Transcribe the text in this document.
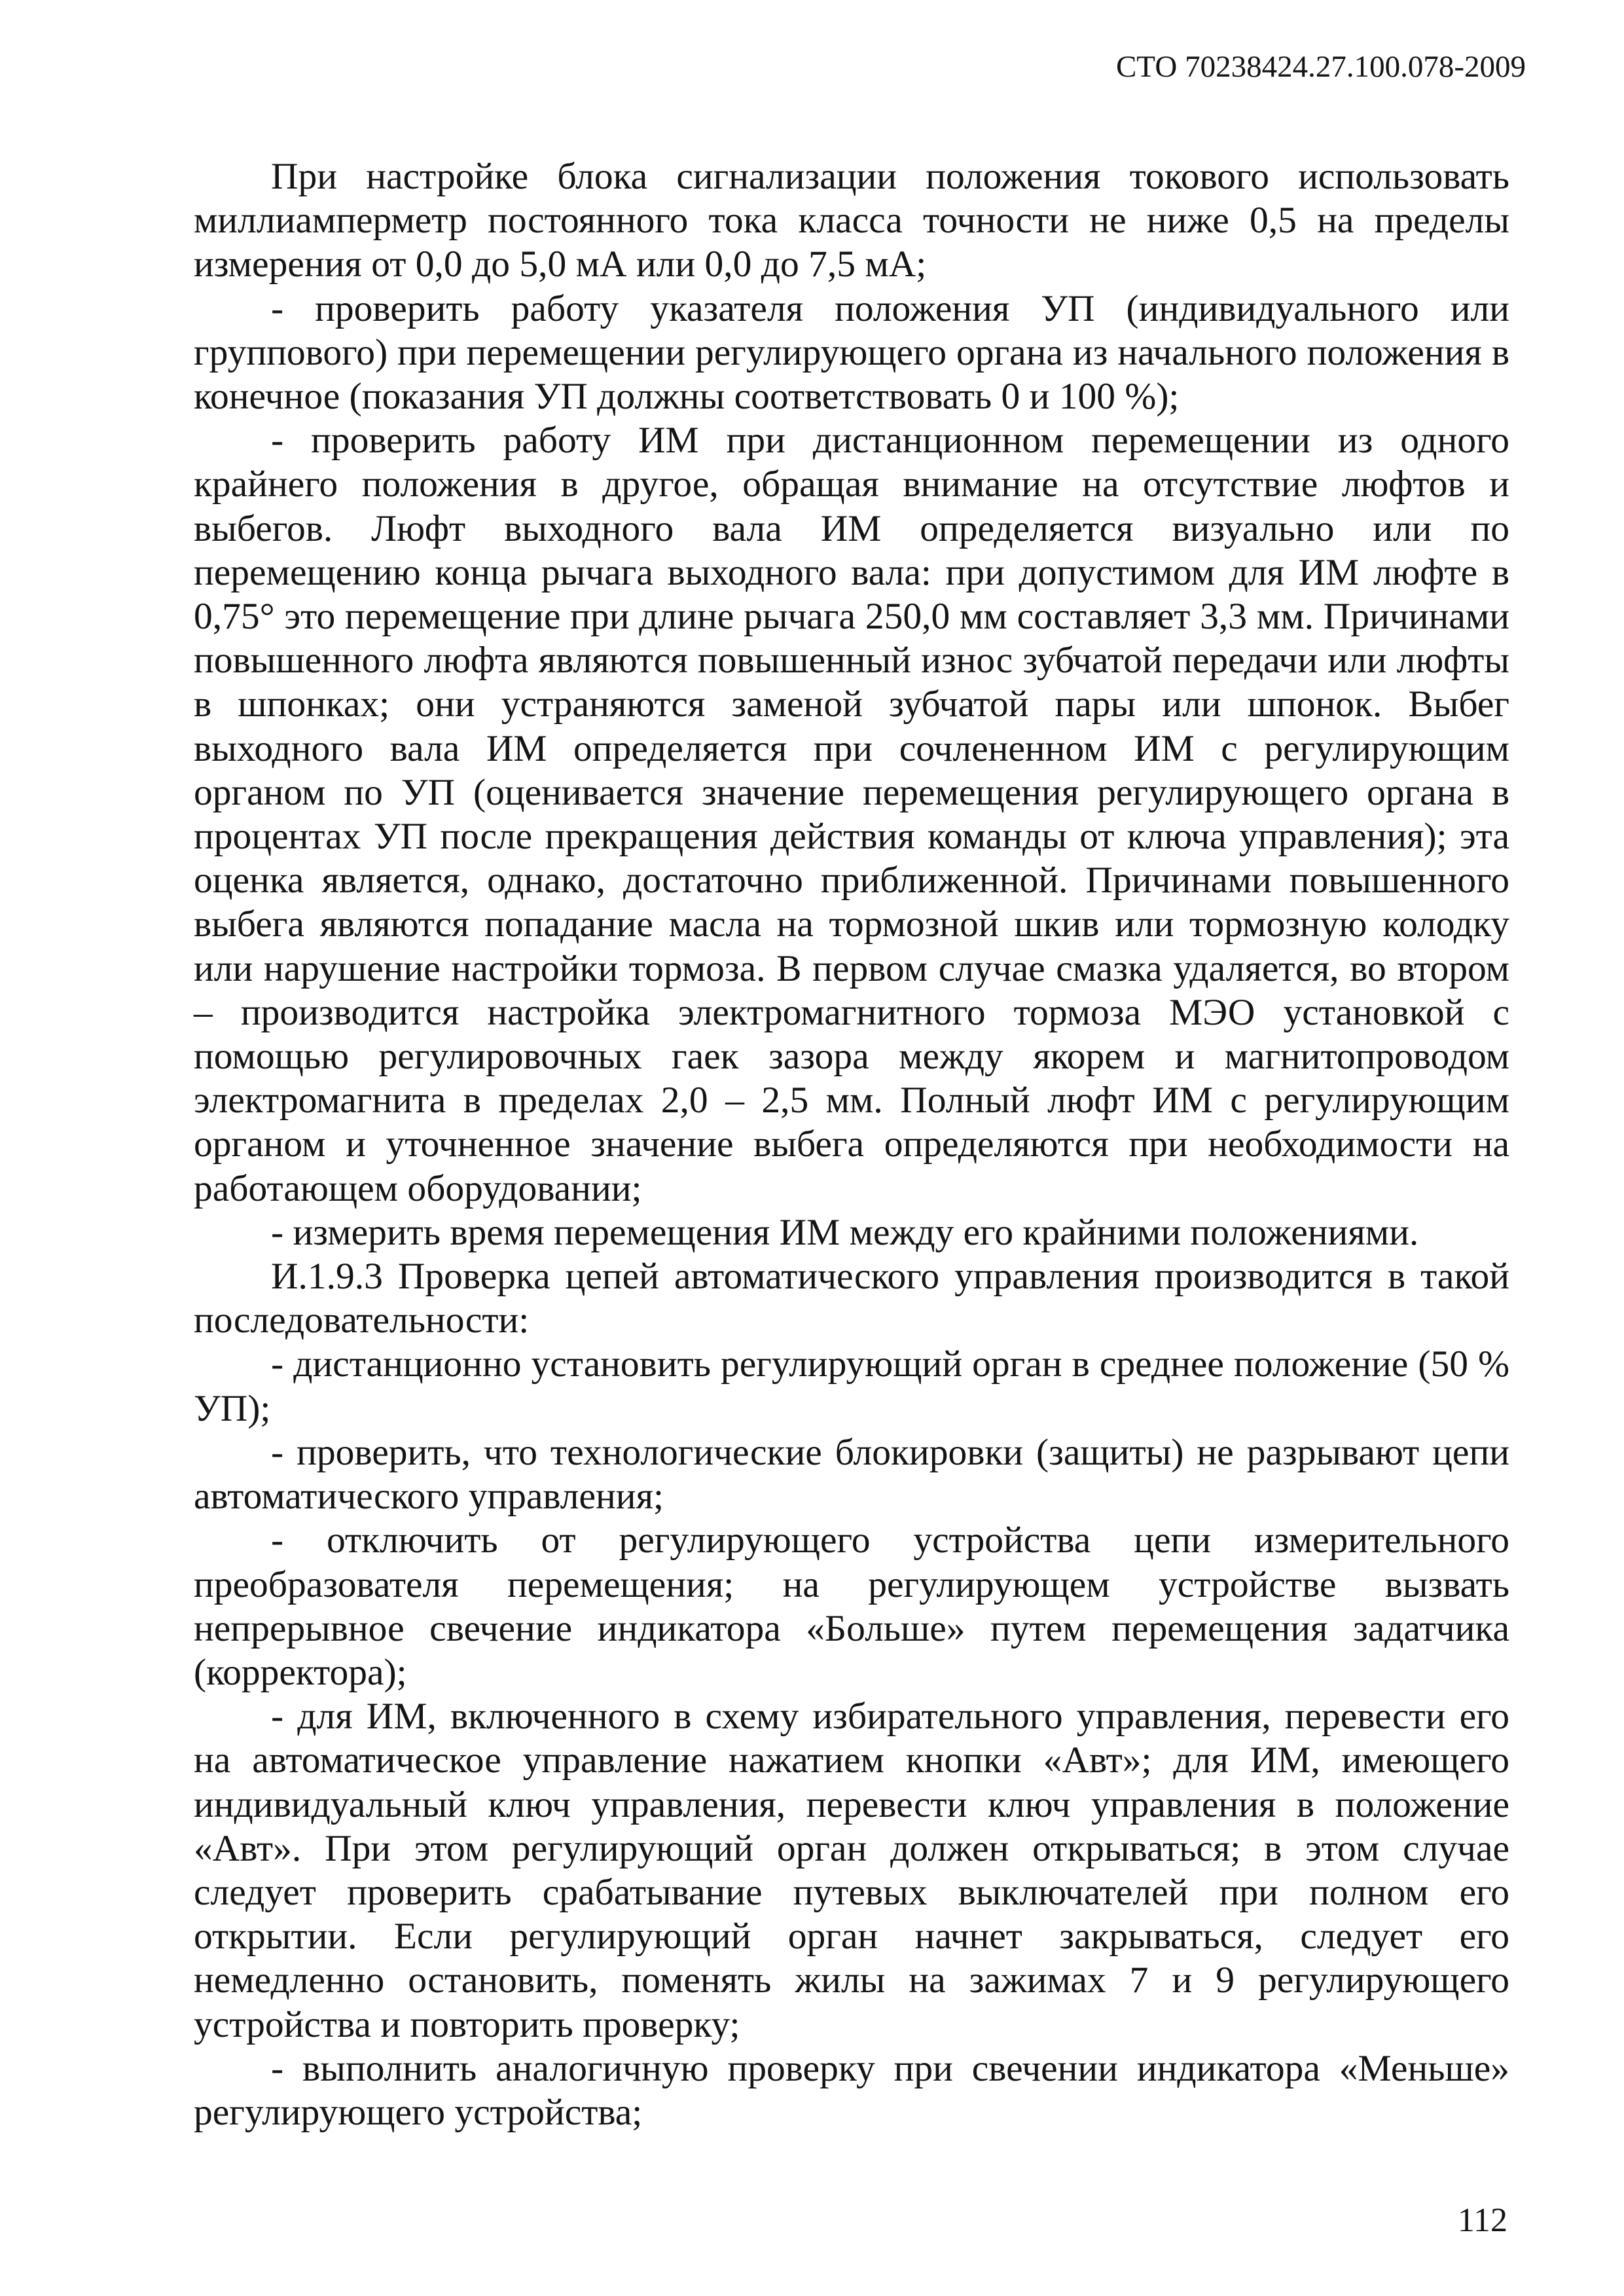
СТО 70238424.27.100.078-2009

При настройке блока сигнализации положения токового использовать миллиамперметр постоянного тока класса точности не ниже 0,5 на пределы измерения от 0,0 до 5,0 мА или 0,0 до 7,5 мА;

- проверить работу указателя положения УП (индивидуального или группового) при перемещении регулирующего органа из начального положения в конечное (показания УП должны соответствовать 0 и 100 %);

- проверить работу ИМ при дистанционном перемещении из одного крайнего положения в другое, обращая внимание на отсутствие люфтов и выбегов. Люфт выходного вала ИМ определяется визуально или по перемещению конца рычага выходного вала: при допустимом для ИМ люфте в 0,75° это перемещение при длине рычага 250,0 мм составляет 3,3 мм. Причинами повышенного люфта являются повышенный износ зубчатой передачи или люфты в шпонках; они устраняются заменой зубчатой пары или шпонок. Выбег выходного вала ИМ определяется при сочлененном ИМ с регулирующим органом по УП (оценивается значение перемещения регулирующего органа в процентах УП после прекращения действия команды от ключа управления); эта оценка является, однако, достаточно приближенной. Причинами повышенного выбега являются попадание масла на тормозной шкив или тормозную колодку или нарушение настройки тормоза. В первом случае смазка удаляется, во втором – производится настройка электромагнитного тормоза МЭО установкой с помощью регулировочных гаек зазора между якорем и магнитопроводом электромагнита в пределах 2,0 – 2,5 мм. Полный люфт ИМ с регулирующим органом и уточненное значение выбега определяются при необходимости на работающем оборудовании;

- измерить время перемещения ИМ между его крайними положениями.

И.1.9.3 Проверка цепей автоматического управления производится в такой последовательности:

- дистанционно установить регулирующий орган в среднее положение (50 % УП);

- проверить, что технологические блокировки (защиты) не разрывают цепи автоматического управления;

- отключить от регулирующего устройства цепи измерительного преобразователя перемещения; на регулирующем устройстве вызвать непрерывное свечение индикатора «Больше» путем перемещения задатчика (корректора);

- для ИМ, включенного в схему избирательного управления, перевести его на автоматическое управление нажатием кнопки «Авт»; для ИМ, имеющего индивидуальный ключ управления, перевести ключ управления в положение «Авт». При этом регулирующий орган должен открываться; в этом случае следует проверить срабатывание путевых выключателей при полном его открытии. Если регулирующий орган начнет закрываться, следует его немедленно остановить, поменять жилы на зажимах 7 и 9 регулирующего устройства и повторить проверку;

- выполнить аналогичную проверку при свечении индикатора «Меньше» регулирующего устройства;

112
